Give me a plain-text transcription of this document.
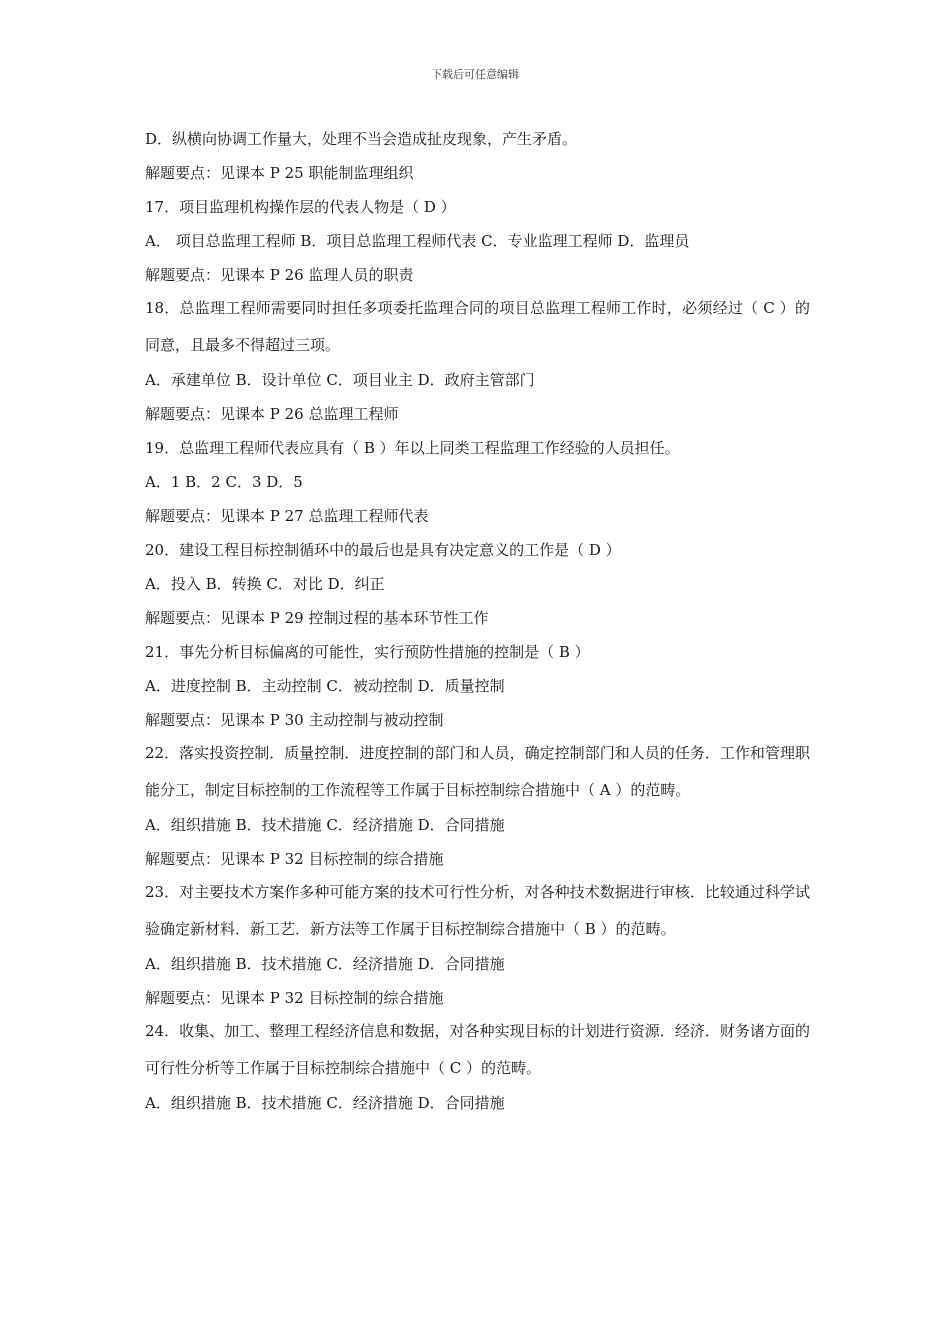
下载后可任意编辑
D．纵横向协调工作量大，处理不当会造成扯皮现象，产生矛盾。
解题要点：见课本 P 25 职能制监理组织
17．项目监理机构操作层的代表人物是（ D ）
A． 项目总监理工程师 B．项目总监理工程师代表 C．专业监理工程师 D．监理员
解题要点：见课本 P 26 监理人员的职责
18．总监理工程师需要同时担任多项委托监理合同的项目总监理工程师工作时，必须经过（ C ）的同意，且最多不得超过三项。
A．承建单位 B．设计单位 C．项目业主 D．政府主管部门
解题要点：见课本 P 26 总监理工程师
19．总监理工程师代表应具有（ B ）年以上同类工程监理工作经验的人员担任。
A．1 B．2 C．3 D．5
解题要点：见课本 P 27 总监理工程师代表
20．建设工程目标控制循环中的最后也是具有决定意义的工作是（ D ）
A．投入 B．转换 C．对比 D．纠正
解题要点：见课本 P 29 控制过程的基本环节性工作
21．事先分析目标偏离的可能性，实行预防性措施的控制是（ B ）
A．进度控制 B．主动控制 C．被动控制 D．质量控制
解题要点：见课本 P 30 主动控制与被动控制
22．落实投资控制．质量控制．进度控制的部门和人员，确定控制部门和人员的任务．工作和管理职能分工，制定目标控制的工作流程等工作属于目标控制综合措施中（ A ）的范畴。
A．组织措施 B．技术措施 C．经济措施 D．合同措施
解题要点：见课本 P 32 目标控制的综合措施
23．对主要技术方案作多种可能方案的技术可行性分析，对各种技术数据进行审核．比较通过科学试验确定新材料．新工艺．新方法等工作属于目标控制综合措施中（ B ）的范畴。
A．组织措施 B．技术措施 C．经济措施 D．合同措施
解题要点：见课本 P 32 目标控制的综合措施
24．收集、加工、整理工程经济信息和数据，对各种实现目标的计划进行资源．经济．财务诸方面的可行性分析等工作属于目标控制综合措施中（ C ）的范畴。
A．组织措施 B．技术措施 C．经济措施 D．合同措施
